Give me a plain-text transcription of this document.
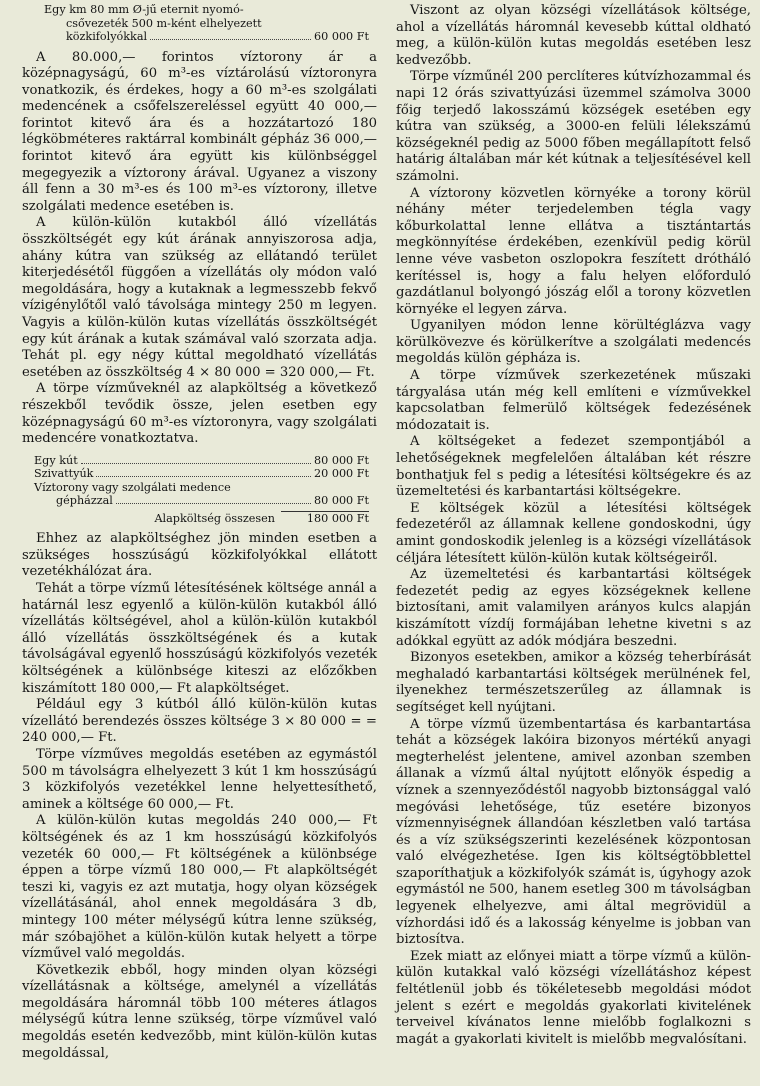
Egy km 80 mm Ø-jű eternit nyomó-
csővezeték 500 m-ként elhelyezett
közkifolyókkal	60 000 Ft

A 80.000,— forintos víztorony ár a középnagyságú, 60 m³-es víztárolású víztoronyra vonatkozik, és érdekes, hogy a 60 m³-es szolgálati medencének a csőfelszereléssel együtt 40 000,— forintot kitevő ára és a hozzátartozó 180 légköbméteres raktárral kombinált gépház 36 000,— forintot kitevő ára együtt kis különbséggel megegyezik a víztorony árával. Ugyanez a viszony áll fenn a 30 m³-es és 100 m³-es víztorony, illetve szolgálati medence esetében is.

A külön-külön kutakból álló vízellátás összköltségét egy kút árának annyiszorosa adja, ahány kútra van szükség az ellátandó terület kiterjedésétől függően a vízellátás oly módon való megoldására, hogy a kutaknak a legmesszebb fekvő vízigénylőtől való távolsága mintegy 250 m legyen. Vagyis a külön-külön kutas vízellátás összköltségét egy kút árának a kutak számával való szorzata adja. Tehát pl. egy négy kúttal megoldható vízellátás esetében az összköltség 4 × 80 000 = 320 000,— Ft.

A törpe vízműveknél az alapköltség a következő részekből tevődik össze, jelen esetben egy középnagyságú 60 m³-es víztoronyra, vagy szolgálati medencére vonatkoztatva.

Egy kút	80 000 Ft
Szivattyúk	20 000 Ft
Víztorony vagy szolgálati medence
gépházzal	80 000 Ft
Alapköltség összesen	180 000 Ft

Ehhez az alapköltséghez jön minden esetben a szükséges hosszúságú közkifolyókkal ellátott vezetékhálózat ára.

Tehát a törpe vízmű létesítésének költsége annál a határnál lesz egyenlő a külön-külön kutakból álló vízellátás költségével, ahol a külön-külön kutakból álló vízellátás összköltségének és a kutak távolságával egyenlő hosszúságú közkifolyós vezeték költségének a különbsége kiteszi az előzőkben kiszámított 180 000,— Ft alapköltséget.

Például egy 3 kútból álló külön-külön kutas vízellátó berendezés összes költsége 3 × 80 000 = = 240 000,— Ft.

Törpe vízműves megoldás esetében az egymástól 500 m távolságra elhelyezett 3 kút 1 km hosszúságú 3 közkifolyós vezetékkel lenne helyettesíthető, aminek a költsége 60 000,— Ft.

A külön-külön kutas megoldás 240 000,— Ft költségének és az 1 km hosszúságú közkifolyós vezeték 60 000,— Ft költségének a különbsége éppen a törpe vízmű 180 000,— Ft alapköltségét teszi ki, vagyis ez azt mutatja, hogy olyan községek vízellátásánál, ahol ennek megoldására 3 db, mintegy 100 méter mélységű kútra lenne szükség, már szóbajöhet a külön-külön kutak helyett a törpe vízművel való megoldás.

Következik ebből, hogy minden olyan községi vízellátásnak a költsége, amelynél a vízellátás megoldására háromnál több 100 méteres átlagos mélységű kútra lenne szükség, törpe vízművel való megoldás esetén kedvezőbb, mint külön-külön kutas megoldással,

Viszont az olyan községi vízellátások költsége, ahol a vízellátás háromnál kevesebb kúttal oldható meg, a külön-külön kutas megoldás esetében lesz kedvezőbb.

Törpe vízműnél 200 perclíteres kútvízhozammal és napi 12 órás szivattyúzási üzemmel számolva 3000 főig terjedő lakosszámú községek esetében egy kútra van szükség, a 3000-en felüli lélekszámú községeknél pedig az 5000 főben megállapított felső határig általában már két kútnak a teljesítésével kell számolni.

A víztorony közvetlen környéke a torony körül néhány méter terjedelemben tégla vagy kőburkolattal lenne ellátva a tisztántartás megkönnyítése érdekében, ezenkívül pedig körül lenne véve vasbeton oszlopokra feszített drótháló kerítéssel is, hogy a falu helyen előforduló gazdátlanul bolyongó jószág elől a torony közvetlen környéke el legyen zárva.

Ugyanilyen módon lenne körültéglázva vagy körülkövezve és körülkerítve a szolgálati medencés megoldás külön gépháza is.

A törpe vízművek szerkezetének műszaki tárgyalása után még kell említeni e vízművekkel kapcsolatban felmerülő költségek fedezésének módozatait is.

A költségeket a fedezet szempontjából a lehetőségeknek megfelelően általában két részre bonthatjuk fel s pedig a létesítési költségekre és az üzemeltetési és karbantartási költségekre.

E költségek közül a létesítési költségek fedezetéről az államnak kellene gondoskodni, úgy amint gondoskodik jelenleg is a községi vízellátások céljára létesített külön-külön kutak költségeiről.

Az üzemeltetési és karbantartási költségek fedezetét pedig az egyes községeknek kellene biztosítani, amit valamilyen arányos kulcs alapján kiszámított vízdíj formájában lehetne kivetni s az adókkal együtt az adók módjára beszedni.

Bizonyos esetekben, amikor a község teherbírását meghaladó karbantartási költségek merülnének fel, ilyenekhez természetszerűleg az államnak is segítséget kell nyújtani.

A törpe vízmű üzembentartása és karbantartása tehát a községek lakóira bizonyos mértékű anyagi megterhelést jelentene, amivel azonban szemben állanak a vízmű által nyújtott előnyök éspedig a víznek a szennyeződéstől nagyobb biztonsággal való megóvási lehetősége, tűz esetére bizonyos vízmennyiségnek állandóan készletben való tartása és a víz szükségszerinti kezelésének központosan való elvégezhetése. Igen kis költségtöbblettel szaporíthatjuk a közkifolyók számát is, úgyhogy azok egymástól ne 500, hanem esetleg 300 m távolságban legyenek elhelyezve, ami által megrövidül a vízhordási idő és a lakosság kényelme is jobban van biztosítva.

Ezek miatt az előnyei miatt a törpe vízmű a külön-külön kutakkal való községi vízellátáshoz képest feltétlenül jobb és tökéletesebb megoldási módot jelent s ezért e megoldás gyakorlati kivitelének terveivel kívánatos lenne mielőbb foglalkozni s magát a gyakorlati kivitelt is mielőbb megvalósítani.
